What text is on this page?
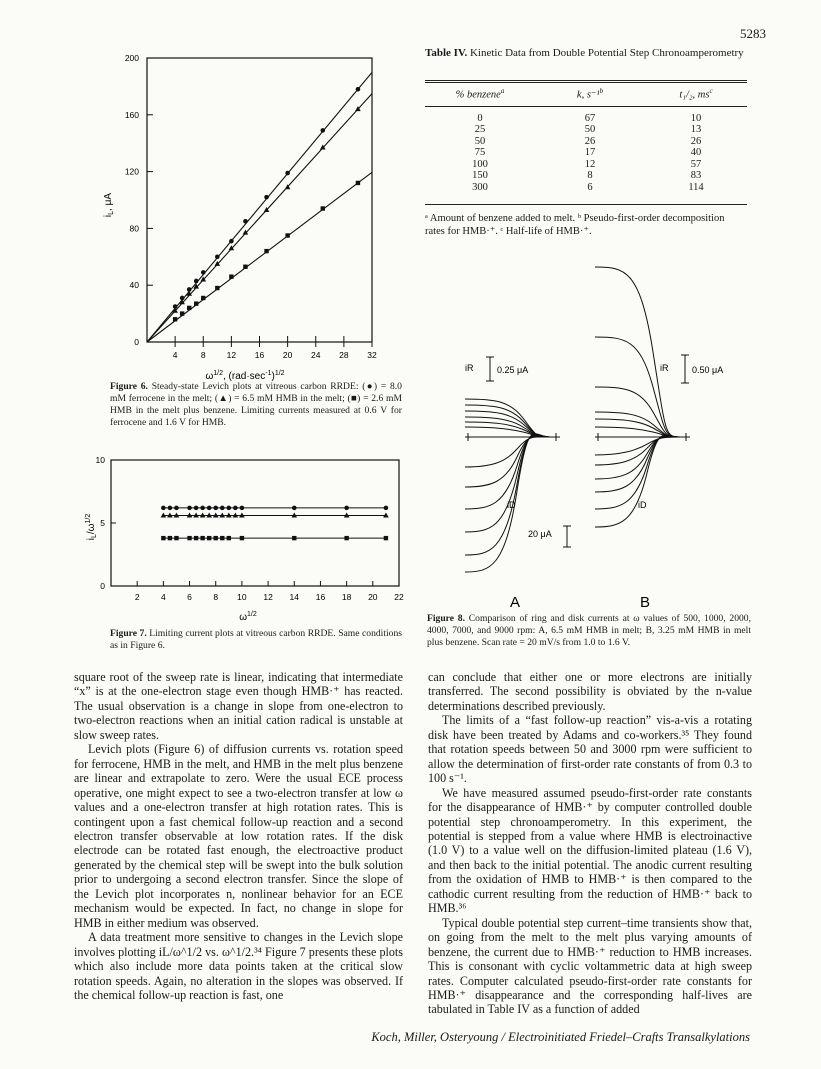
5283
0
40
80
120
160
200
4	8 12 16 20 24 28 32
$i_L$, μA
$\omega^{1/2}$, $(rad\cdot\sec^{-1})^{1/2}$
Figure 6. Steady-state Levich plots at vitreous carbon RRDE: (●) = 8.0 mM ferrocene in the melt; (▲) = 6.5 mM HMB in the melt; (■) = 2.6 mM HMB in the melt plus benzene. Limiting currents measured at 0.6 V for ferrocene and 1.6 V for HMB.
0
5
10
2	4	6	8 10 12 14 16 18 20 22
$i_L/\omega^{1/2}$
$\omega^{1/2}$
Figure 7. Limiting current plots at vitreous carbon RRDE. Same conditions as in Figure 6.
Table IV. Kinetic Data from Double Potential Step Chronoamperometry
% benzene$^a$	k, s⁻¹$^b$	t₁/₂, $ms^c$

0	67	10
25	50	13
50	26	26
75	17	40
100	12	57
150	8	83
300	6	114
ᵃ Amount of benzene added to melt. ᵇ Pseudo-first-order decomposition rates for HMB·⁺. ᶜ Half-life of HMB·⁺.
iR	0.25 μA
iD
20 μA
A
iR	0.50 μA
iD
B
Figure 8. Comparison of ring and disk currents at ω values of 500, 1000, 2000, 4000, 7000, and 9000 rpm: A, 6.5 mM HMB in melt; B, 3.25 mM HMB in melt plus benzene. Scan rate = 20 mV/s from 1.0 to 1.6 V.

square root of the sweep rate is linear, indicating that intermediate “x” is at the one-electron stage even though HMB·⁺ has reacted. The usual observation is a change in slope from one-electron to two-electron reactions when an initial cation radical is unstable at slow sweep rates.

Levich plots (Figure 6) of diffusion currents vs. rotation speed for ferrocene, HMB in the melt, and HMB in the melt plus benzene are linear and extrapolate to zero. Were the usual ECE process operative, one might expect to see a two-electron transfer at low ω values and a one-electron transfer at high rotation rates. This is contingent upon a fast chemical follow-up reaction and a second electron transfer observable at low rotation rates. If the disk electrode can be rotated fast enough, the electroactive product generated by the chemical step will be swept into the bulk solution prior to undergoing a second electron transfer. Since the slope of the Levich plot incorporates n, nonlinear behavior for an ECE mechanism would be expected. In fact, no change in slope for HMB in either medium was observed.

A data treatment more sensitive to changes in the Levich slope involves plotting iL/ω^1/2 vs. ω^1/2.³⁴ Figure 7 presents these plots which also include more data points taken at the critical slow rotation speeds. Again, no alteration in the slopes was observed. If the chemical follow-up reaction is fast, one

can conclude that either one or more electrons are initially transferred. The second possibility is obviated by the n-value determinations described previously.

The limits of a “fast follow-up reaction” vis-a-vis a rotating disk have been treated by Adams and co-workers.³⁵ They found that rotation speeds between 50 and 3000 rpm were sufficient to allow the determination of first-order rate constants of from 0.3 to 100 s⁻¹.

We have measured assumed pseudo-first-order rate constants for the disappearance of HMB·⁺ by computer controlled double potential step chronoamperometry. In this experiment, the potential is stepped from a value where HMB is electroinactive (1.0 V) to a value well on the diffusion-limited plateau (1.6 V), and then back to the initial potential. The anodic current resulting from the oxidation of HMB to HMB·⁺ is then compared to the cathodic current resulting from the reduction of HMB·⁺ back to HMB.³⁶

Typical double potential step current–time transients show that, on going from the melt to the melt plus varying amounts of benzene, the current due to HMB·⁺ reduction to HMB increases. This is consonant with cyclic voltammetric data at high sweep rates. Computer calculated pseudo-first-order rate constants for HMB·⁺ disappearance and the corresponding half-lives are tabulated in Table IV as a function of added

Koch, Miller, Osteryoung / Electroinitiated Friedel–Crafts Transalkylations
